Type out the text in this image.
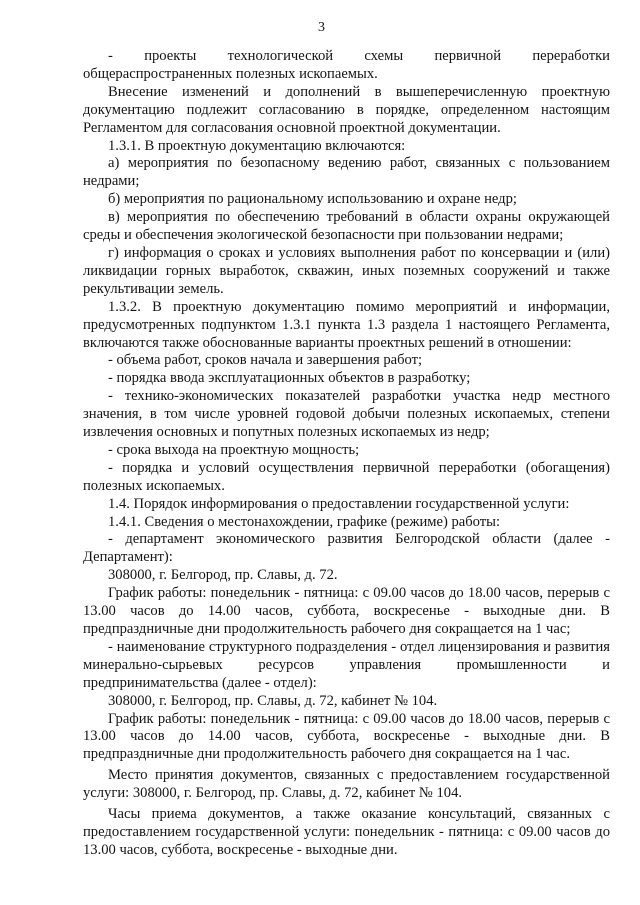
3

- проекты технологической схемы первичной переработки общераспространенных полезных ископаемых.

Внесение изменений и дополнений в вышеперечисленную проектную документацию подлежит согласованию в порядке, определенном настоящим Регламентом для согласования основной проектной документации.

1.3.1. В проектную документацию включаются:

а) мероприятия по безопасному ведению работ, связанных с пользованием недрами;

б) мероприятия по рациональному использованию и охране недр;

в) мероприятия по обеспечению требований в области охраны окружающей среды и обеспечения экологической безопасности при пользовании недрами;

г) информация о сроках и условиях выполнения работ по консервации и (или) ликвидации горных выработок, скважин, иных поземных сооружений и также рекультивации земель.

1.3.2. В проектную документацию помимо мероприятий и информации, предусмотренных подпунктом 1.3.1 пункта 1.3 раздела 1 настоящего Регламента, включаются также обоснованные варианты проектных решений в отношении:

- объема работ, сроков начала и завершения работ;

- порядка ввода эксплуатационных объектов в разработку;

- технико-экономических показателей разработки участка недр местного значения, в том числе уровней годовой добычи полезных ископаемых, степени извлечения основных и попутных полезных ископаемых из недр;

- срока выхода на проектную мощность;

- порядка и условий осуществления первичной переработки (обогащения) полезных ископаемых.

1.4. Порядок информирования о предоставлении государственной услуги:

1.4.1. Сведения о местонахождении, графике (режиме) работы:

- департамент экономического развития Белгородской области (далее - Департамент):

308000, г. Белгород, пр. Славы, д. 72.

График работы: понедельник - пятница: с 09.00 часов до 18.00 часов, перерыв с 13.00 часов до 14.00 часов, суббота, воскресенье - выходные дни. В предпраздничные дни продолжительность рабочего дня сокращается на 1 час;

- наименование структурного подразделения - отдел лицензирования и развития минерально-сырьевых ресурсов управления промышленности и предпринимательства (далее - отдел):

308000, г. Белгород, пр. Славы, д. 72, кабинет № 104.

График работы: понедельник - пятница: с 09.00 часов до 18.00 часов, перерыв с 13.00 часов до 14.00 часов, суббота, воскресенье - выходные дни. В предпраздничные дни продолжительность рабочего дня сокращается на 1 час.

Место принятия документов, связанных с предоставлением государственной услуги: 308000, г. Белгород, пр. Славы, д. 72, кабинет № 104.

Часы приема документов, а также оказание консультаций, связанных с предоставлением государственной услуги: понедельник - пятница: с 09.00 часов до 13.00 часов, суббота, воскресенье - выходные дни.
